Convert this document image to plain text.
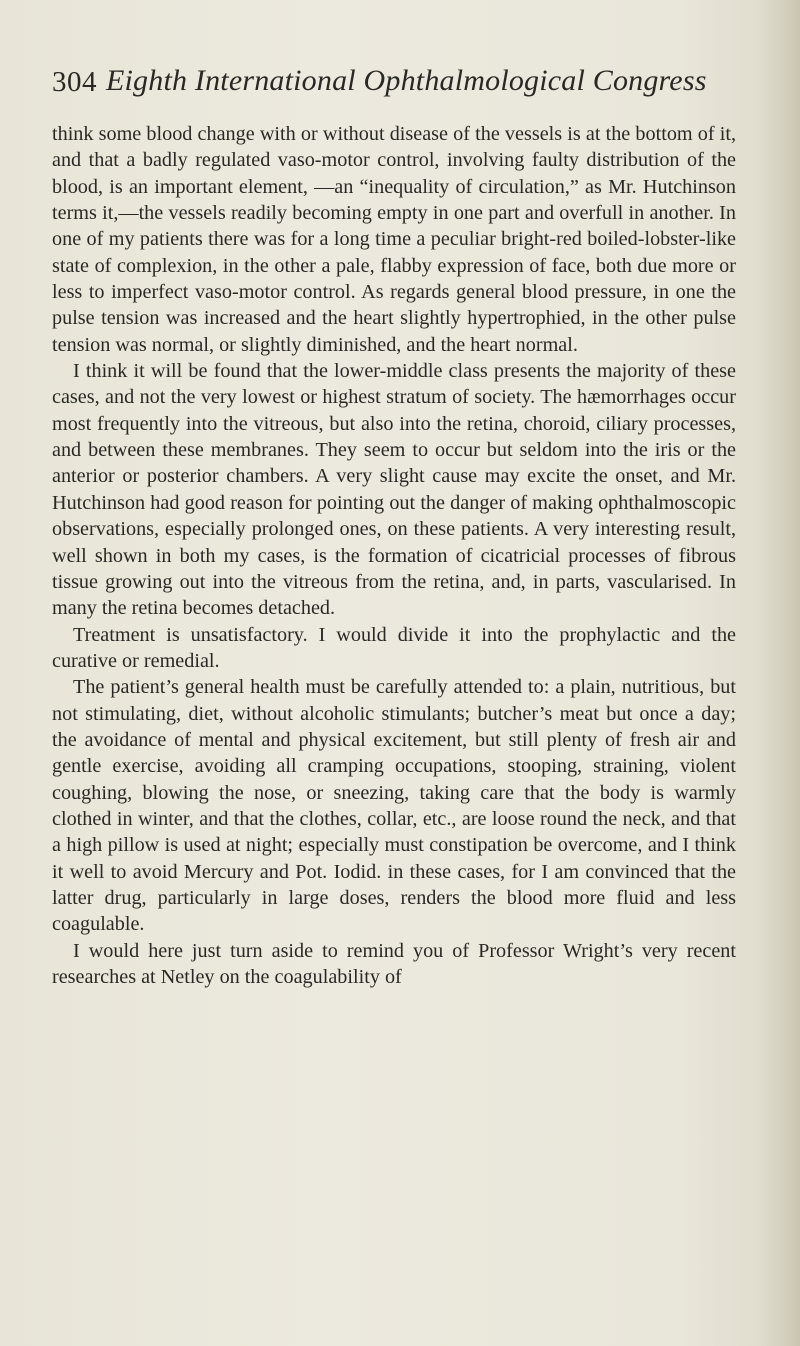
304 Eighth International Ophthalmological Congress

think some blood change with or without disease of the vessels is at the bottom of it, and that a badly regulated vaso-motor control, involving faulty distribution of the blood, is an important element, —an “inequality of circulation,” as Mr. Hutchinson terms it,—the vessels readily becoming empty in one part and overfull in another. In one of my patients there was for a long time a peculiar bright-red boiled-lobster-like state of complexion, in the other a pale, flabby expression of face, both due more or less to imperfect vaso-motor control. As regards general blood pressure, in one the pulse tension was increased and the heart slightly hypertrophied, in the other pulse tension was normal, or slightly diminished, and the heart normal.

I think it will be found that the lower-middle class presents the majority of these cases, and not the very lowest or highest stratum of society. The hæmorrhages occur most frequently into the vitreous, but also into the retina, choroid, ciliary processes, and between these membranes. They seem to occur but seldom into the iris or the anterior or posterior chambers. A very slight cause may excite the onset, and Mr. Hutchinson had good reason for pointing out the danger of making ophthalmoscopic observations, especially prolonged ones, on these patients. A very interesting result, well shown in both my cases, is the formation of cicatricial processes of fibrous tissue growing out into the vitreous from the retina, and, in parts, vascularised. In many the retina becomes detached.

Treatment is unsatisfactory. I would divide it into the prophylactic and the curative or remedial.

The patient’s general health must be carefully attended to: a plain, nutritious, but not stimulating, diet, without alcoholic stimulants; butcher’s meat but once a day; the avoidance of mental and physical excitement, but still plenty of fresh air and gentle exercise, avoiding all cramping occupations, stooping, straining, violent coughing, blowing the nose, or sneezing, taking care that the body is warmly clothed in winter, and that the clothes, collar, etc., are loose round the neck, and that a high pillow is used at night; especially must constipation be overcome, and I think it well to avoid Mercury and Pot. Iodid. in these cases, for I am convinced that the latter drug, particularly in large doses, renders the blood more fluid and less coagulable.

I would here just turn aside to remind you of Professor Wright’s very recent researches at Netley on the coagulability of
